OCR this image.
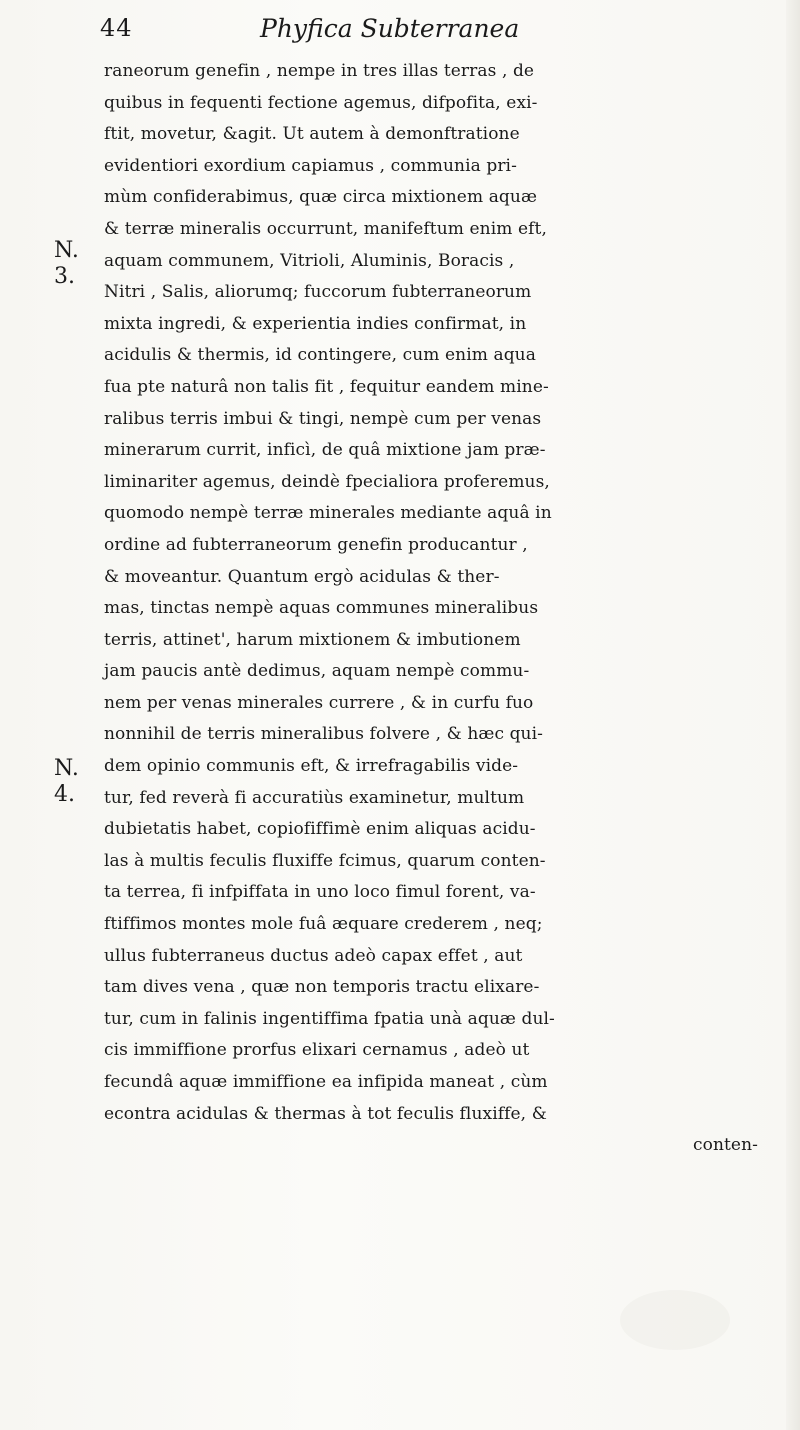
44	Phyfica Subterranea
N.
3.
N.
4.
raneorum genefin , nempe in tres illas terras , de
quibus in fequenti fectione agemus, difpofita, exi-
ftit, movetur, &agit. Ut autem à demonftratione
evidentiori exordium capiamus , communia pri-
mùm confiderabimus, quæ circa mixtionem aquæ
& terræ mineralis occurrunt, manifeftum enim eft,
aquam communem, Vitrioli, Aluminis, Boracis ,
Nitri , Salis, aliorumq; fuccorum fubterraneorum
mixta ingredi, & experientia indies confirmat, in
acidulis & thermis, id contingere, cum enim aqua
fua pte naturâ non talis fit , fequitur eandem mine-
ralibus terris imbui & tingi, nempè cum per venas
minerarum currit, inficì, de quâ mixtione jam præ-
liminariter agemus, deindè fpecialiora proferemus,
quomodo nempè terræ minerales mediante aquâ in
ordine ad fubterraneorum genefin producantur ,
& moveantur. Quantum ergò acidulas & ther-
mas, tinctas nempè aquas communes mineralibus
terris, attinet', harum mixtionem & imbutionem
jam paucis antè dedimus, aquam nempè commu-
nem per venas minerales currere , & in curfu fuo
nonnihil de terris mineralibus folvere , & hæc qui-
dem opinio communis eft, & irrefragabilis vide-
tur, fed reverà fi accuratiùs examinetur, multum
dubietatis habet, copiofiffimè enim aliquas acidu-
las à multis feculis fluxiffe fcimus, quarum conten-
ta terrea, fi infpiffata in uno loco fimul forent, va-
ftiffimos montes mole fuâ æquare crederem , neq;
ullus fubterraneus ductus adeò capax effet , aut
tam dives vena , quæ non temporis tractu elixare-
tur, cum in falinis ingentiffima fpatia unà aquæ dul-
cis immiffione prorfus elixari cernamus , adeò ut
fecundâ aquæ immiffione ea infipida maneat , cùm
econtra acidulas & thermas à tot feculis fluxiffe, &
conten-
